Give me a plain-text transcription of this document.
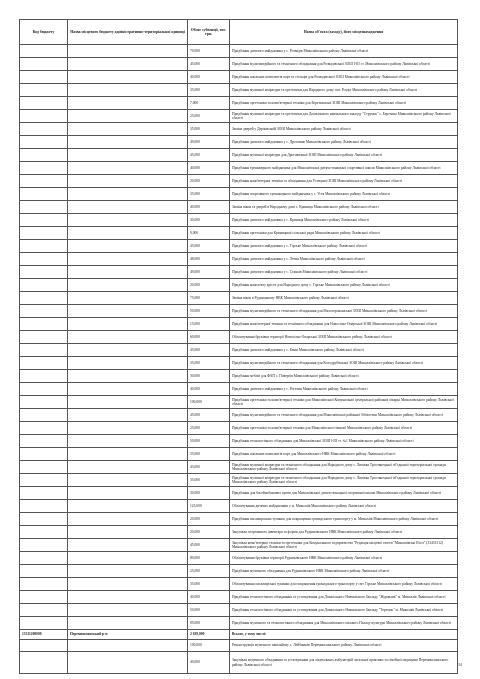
Код бюджету	Назва місцевого бюджету адміністративно-територіальної одиниці	Обсяг субвенції, тис. грн.	Назва об'єкта (заходу), його місцезнаходження
		70,000	Придбання дитячого майданчика у с. Розвадів Миколаївського району Львівської області
		45,000	Придбання мультимедійного та технічного обладнання для Розвадівської ЗОШ І-ІІІ ст. Миколаївського району Львівської області
		40,000	Придбання шкільних комплектів парт та стільців для Розвадівської ЗОШ Миколаївського району Львівської області
		35,000	Придбання музичної апаратури та оргтехніки для Народного дому смт. Розділ Миколаївського району Львівської області
		7,000	Придбання оргтехніки та комп'ютерної техніки для Березинської ЗОШ Миколаївського району Львівської області
		25,000	Придбання музичної апаратури та оргтехніки для Дошкільного навчального закладу "Струмок" с. Березина Миколаївського району Львівської області
		35,000	Заміна дверей у Держівській ЗОШ Миколаївського району Львівської області
		49,000	Придбання дитячого майданчика у с. Дроговиж Миколаївського району Львівської області
		45,000	Придбання музичної апаратури для Дроговизької ЗОШ Миколаївського району Львівської області
		40,000	Придбання тренажерного майданчика для Миколаївської дитячо-юнацької спортивної школи Миколаївського району Львівської області
		20,000	Придбання комп'ютерної техніки та обладнання для Устецької ЗОШ Миколаївського району Львівської області
		35,000	Придбання спортивного тренажерного майданчика у с. Устя Миколаївського району Львівської області
		40,000	Заміна вікон та дверей в Народному домі с. Криниця Миколаївського району Львівської області
		30,000	Придбання дитячого майданчика у с. Криниця Миколаївського району Львівської області
		9,000	Придбання оргтехніки для Криницької сільської ради Миколаївського району Львівської області
		45,000	Придбання дитячого майданчика у с. Гірське Миколаївського району Львівської області
		48,000	Придбання дитячого майданчика у с. Летня Миколаївського району Львівської області
		49,000	Придбання дитячого майданчика у с. Станків Миколаївського району Львівської області
		20,000	Придбання комплекту крісел для Народного дому с. Гірське Миколаївського району Львівської області
		75,000	Заміна вікон в Рудницькому НВК Миколаївського району Львівської області
		50,000	Придбання мультимедійного та технічного обладнання для Малогорожанської ЗОШ Миколаївського району Львівської області
		15,000	Придбання комп'ютерної техніки та технічного обладнання для Новосілко-Опарської ЗОШ Миколаївського району Львівської області
		60,000	Облаштування бруківки території Новосілко-Опарської ЗОШ Миколаївського району Львівської області
		45,000	Придбання дитячого майданчика у с. Бенів Миколаївського району Львівської області
		35,000	Придбання мультимедійного та технічного обладнання для Колодрубівської ЗОШ Миколаївського району Львівської області
		30,000	Придбання меблів для ФАП с. Повергів Миколаївського району Львівської області
		40,000	Придбання дитячого майданчика у с. Рогатин Миколаївського району Львівської області
		100,000	Придбання оргтехніки та комп'ютерної техніки для Миколаївської Комунальної центральної районної лікарні Миколаївського району Львівської області
		45,000	Придбання мультимедійного та технічного обладнання для Миколаївської районної бібліотеки Миколаївського району Львівської області
		25,000	Придбання оргтехніки та комп'ютерної техніки для Миколаївської гімназії Миколаївського району Львівської області
		50,000	Придбання технологічного обладнання для Миколаївської ЗОШ І-ІІІ ст. №1 Миколаївського району Львівської області
		35,000	Придбання шкільних комплектів парт для Миколаївського НВК Миколаївського району Львівської області
		43,000	Придбання музичної апаратури та технічного обладнання для Народного дому с. Липівка Тростянецької об'єднаної територіальної громади Миколаївського району Львівської області
		35,000	Придбання музичної апаратури та технічного обладнання для Народного дому с. Липівка Тростянецької об'єднаної територіальної громади Миколаївського району Львівської області
		30,000	Придбання для басейнобанових щитів для Миколаївської дитячо-юнацької спортивної школи Миколаївського району Львівської області
		125,000	Облаштування дитячих майданчиків у м. Миколаїв Миколаївського району Львівської області
		20,000	Придбання пасажирських зупинок для покращення громадського транспорту у м. Миколаїв Миколаївського району Львівської області
		20,000	Закупівля спортивного інвентаря та форми для Рудниківського НВК Миколаївського району Львівської області
		45,000	Закупівля комп'ютерної техніки та оргтехніки для Комунального підприємства "Редакція місцевої газети "Миколаївські Вісті" (33451312) Миколаївського району Львівської області
		80,000	Облаштування бруківки території Рудниківського НВК Миколаївського району Львівської області
		25,000	Придбання музичного обладнання для Рудниківського НВК Миколаївського району Львівської області
		35,000	Облаштування пасажирської зупинки для покращення громадського транспорту у смт Гірське Миколаївського району Львівської області
		40,000	Придбання технологічного обладнання та устаткування для Дошкільного Навчального Закладу "Журавлик" м. Миколаїв Львівської області
		50,000	Придбання технологічного обладнання та устаткування для Дошкільного Навчального Закладу "Теремок" м. Миколаїв Львівської області
		85,000	Придбання музичного та технологічного обладнання для Миколаївського міського Палацу культури Миколаївського району Львівської області
13311200000	Перемишлянський р-н	2 639,000	Всього, у тому числі:
		100,000	Реконструкція музичного павільйону с. Лейбжиків Перемишлянського району, Львівської області
		40,000	Закупівля медичного обладнання та устаткування для лікувальних амбулаторій загальної практики та сімейної медицини Перемишлянського району Львівської області	34
